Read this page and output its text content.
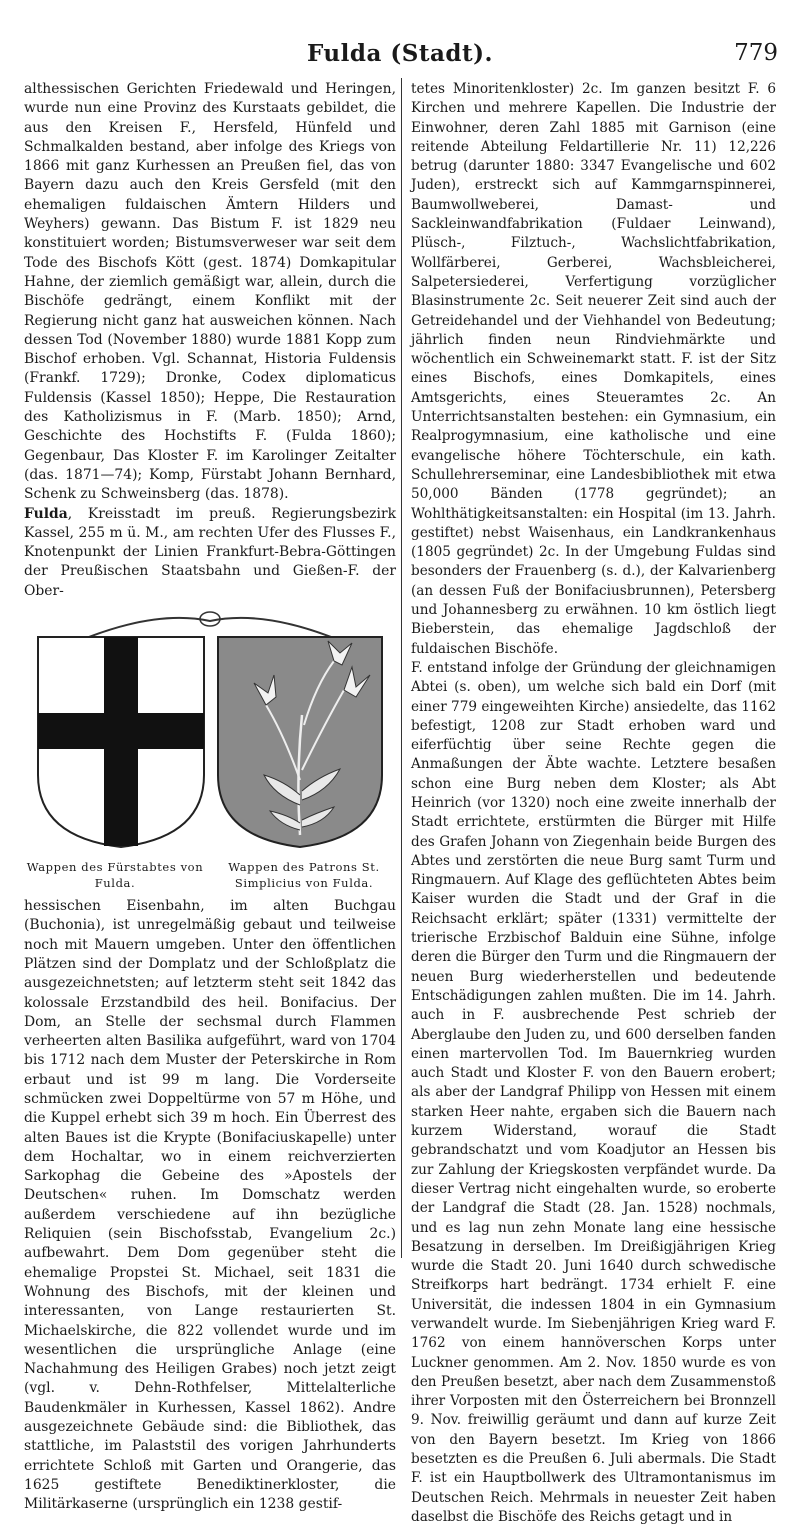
Fulda (Stadt).	779

althessischen Gerichten Friedewald und Heringen, wurde nun eine Provinz des Kurstaats gebildet, die aus den Kreisen F., Hersfeld, Hünfeld und Schmalkalden bestand, aber infolge des Kriegs von 1866 mit ganz Kurhessen an Preußen fiel, das von Bayern dazu auch den Kreis Gersfeld (mit den ehemaligen fuldaischen Ämtern Hilders und Weyhers) gewann. Das Bistum F. ist 1829 neu konstituiert worden; Bistumsverweser war seit dem Tode des Bischofs Kött (gest. 1874) Domkapitular Hahne, der ziemlich gemäßigt war, allein, durch die Bischöfe gedrängt, einem Konflikt mit der Regierung nicht ganz hat ausweichen können. Nach dessen Tod (November 1880) wurde 1881 Kopp zum Bischof erhoben. Vgl. Schannat, Historia Fuldensis (Frankf. 1729); Dronke, Codex diplomaticus Fuldensis (Kassel 1850); Heppe, Die Restauration des Katholizismus in F. (Marb. 1850); Arnd, Geschichte des Hochstifts F. (Fulda 1860); Gegenbaur, Das Kloster F. im Karolinger Zeitalter (das. 1871—74); Komp, Fürstabt Johann Bernhard, Schenk zu Schweinsberg (das. 1878).

Fulda, Kreisstadt im preuß. Regierungsbezirk Kassel, 255 m ü. M., am rechten Ufer des Flusses F., Knotenpunkt der Linien Frankfurt-Bebra-Göttingen der Preußischen Staatsbahn und Gießen-F. der Ober-

Wappen des Fürstabtes von Fulda.
Wappen des Patrons St. Simplicius von Fulda.

hessischen Eisenbahn, im alten Buchgau (Buchonia), ist unregelmäßig gebaut und teilweise noch mit Mauern umgeben. Unter den öffentlichen Plätzen sind der Domplatz und der Schloßplatz die ausgezeichnetsten; auf letzterm steht seit 1842 das kolossale Erzstandbild des heil. Bonifacius. Der Dom, an Stelle der sechsmal durch Flammen verheerten alten Basilika aufgeführt, ward von 1704 bis 1712 nach dem Muster der Peterskirche in Rom erbaut und ist 99 m lang. Die Vorderseite schmücken zwei Doppeltürme von 57 m Höhe, und die Kuppel erhebt sich 39 m hoch. Ein Überrest des alten Baues ist die Krypte (Bonifaciuskapelle) unter dem Hochaltar, wo in einem reichverzierten Sarkophag die Gebeine des »Apostels der Deutschen« ruhen. Im Domschatz werden außerdem verschiedene auf ihn bezügliche Reliquien (sein Bischofsstab, Evangelium 2c.) aufbewahrt. Dem Dom gegenüber steht die ehemalige Propstei St. Michael, seit 1831 die Wohnung des Bischofs, mit der kleinen und interessanten, von Lange restaurierten St. Michaelskirche, die 822 vollendet wurde und im wesentlichen die ursprüngliche Anlage (eine Nachahmung des Heiligen Grabes) noch jetzt zeigt (vgl. v. Dehn-Rothfelser, Mittelalterliche Baudenkmäler in Kurhessen, Kassel 1862). Andre ausgezeichnete Gebäude sind: die Bibliothek, das stattliche, im Palaststil des vorigen Jahrhunderts errichtete Schloß mit Garten und Orangerie, das 1625 gestiftete Benediktinerkloster, die Militärkaserne (ursprünglich ein 1238 gestif-

tetes Minoritenkloster) 2c. Im ganzen besitzt F. 6 Kirchen und mehrere Kapellen. Die Industrie der Einwohner, deren Zahl 1885 mit Garnison (eine reitende Abteilung Feldartillerie Nr. 11) 12,226 betrug (darunter 1880: 3347 Evangelische und 602 Juden), erstreckt sich auf Kammgarnspinnerei, Baumwollweberei, Damast- und Sackleinwandfabrikation (Fuldaer Leinwand), Plüsch-, Filztuch-, Wachslichtfabrikation, Wollfärberei, Gerberei, Wachsbleicherei, Salpetersiederei, Verfertigung vorzüglicher Blasinstrumente 2c. Seit neuerer Zeit sind auch der Getreidehandel und der Viehhandel von Bedeutung; jährlich finden neun Rindviehmärkte und wöchentlich ein Schweinemarkt statt. F. ist der Sitz eines Bischofs, eines Domkapitels, eines Amtsgerichts, eines Steueramtes 2c. An Unterrichtsanstalten bestehen: ein Gymnasium, ein Realprogymnasium, eine katholische und eine evangelische höhere Töchterschule, ein kath. Schullehrerseminar, eine Landesbibliothek mit etwa 50,000 Bänden (1778 gegründet); an Wohlthätigkeitsanstalten: ein Hospital (im 13. Jahrh. gestiftet) nebst Waisenhaus, ein Landkrankenhaus (1805 gegründet) 2c. In der Umgebung Fuldas sind besonders der Frauenberg (s. d.), der Kalvarienberg (an dessen Fuß der Bonifaciusbrunnen), Petersberg und Johannesberg zu erwähnen. 10 km östlich liegt Bieberstein, das ehemalige Jagdschloß der fuldaischen Bischöfe.

F. entstand infolge der Gründung der gleichnamigen Abtei (s. oben), um welche sich bald ein Dorf (mit einer 779 eingeweihten Kirche) ansiedelte, das 1162 befestigt, 1208 zur Stadt erhoben ward und eiferfüchtig über seine Rechte gegen die Anmaßungen der Äbte wachte. Letztere besaßen schon eine Burg neben dem Kloster; als Abt Heinrich (vor 1320) noch eine zweite innerhalb der Stadt errichtete, erstürmten die Bürger mit Hilfe des Grafen Johann von Ziegenhain beide Burgen des Abtes und zerstörten die neue Burg samt Turm und Ringmauern. Auf Klage des geflüchteten Abtes beim Kaiser wurden die Stadt und der Graf in die Reichsacht erklärt; später (1331) vermittelte der trierische Erzbischof Balduin eine Sühne, infolge deren die Bürger den Turm und die Ringmauern der neuen Burg wiederherstellen und bedeutende Entschädigungen zahlen mußten. Die im 14. Jahrh. auch in F. ausbrechende Pest schrieb der Aberglaube den Juden zu, und 600 derselben fanden einen martervollen Tod. Im Bauernkrieg wurden auch Stadt und Kloster F. von den Bauern erobert; als aber der Landgraf Philipp von Hessen mit einem starken Heer nahte, ergaben sich die Bauern nach kurzem Widerstand, worauf die Stadt gebrandschatzt und vom Koadjutor an Hessen bis zur Zahlung der Kriegskosten verpfändet wurde. Da dieser Vertrag nicht eingehalten wurde, so eroberte der Landgraf die Stadt (28. Jan. 1528) nochmals, und es lag nun zehn Monate lang eine hessische Besatzung in derselben. Im Dreißigjährigen Krieg wurde die Stadt 20. Juni 1640 durch schwedische Streifkorps hart bedrängt. 1734 erhielt F. eine Universität, die indessen 1804 in ein Gymnasium verwandelt wurde. Im Siebenjährigen Krieg ward F. 1762 von einem hannöverschen Korps unter Luckner genommen. Am 2. Nov. 1850 wurde es von den Preußen besetzt, aber nach dem Zusammenstoß ihrer Vorposten mit den Österreichern bei Bronnzell 9. Nov. freiwillig geräumt und dann auf kurze Zeit von den Bayern besetzt. Im Krieg von 1866 besetzten es die Preußen 6. Juli abermals. Die Stadt F. ist ein Hauptbollwerk des Ultramontanismus im Deutschen Reich. Mehrmals in neuester Zeit haben daselbst die Bischöfe des Reichs getagt und in
